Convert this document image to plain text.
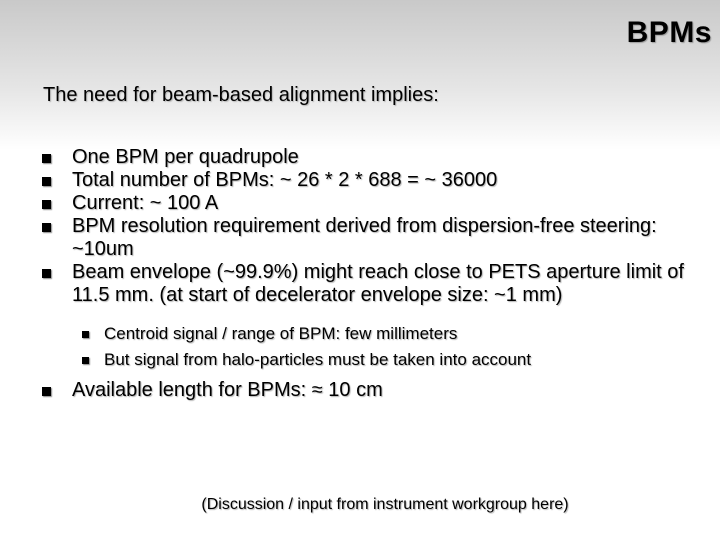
BPMs
The need for beam-based alignment implies:
One BPM per quadrupole
Total number of BPMs: ~ 26 * 2 * 688 = ~ 36000
Current: ~ 100 A
BPM resolution requirement derived from dispersion-free steering: ~10um
Beam envelope (~99.9%) might reach close to PETS aperture limit of 11.5 mm. (at start of decelerator envelope size: ~1 mm)
Centroid signal / range of BPM: few millimeters
But signal from halo-particles must be taken into account
Available length for BPMs: ≈ 10 cm
(Discussion / input from instrument workgroup here)
